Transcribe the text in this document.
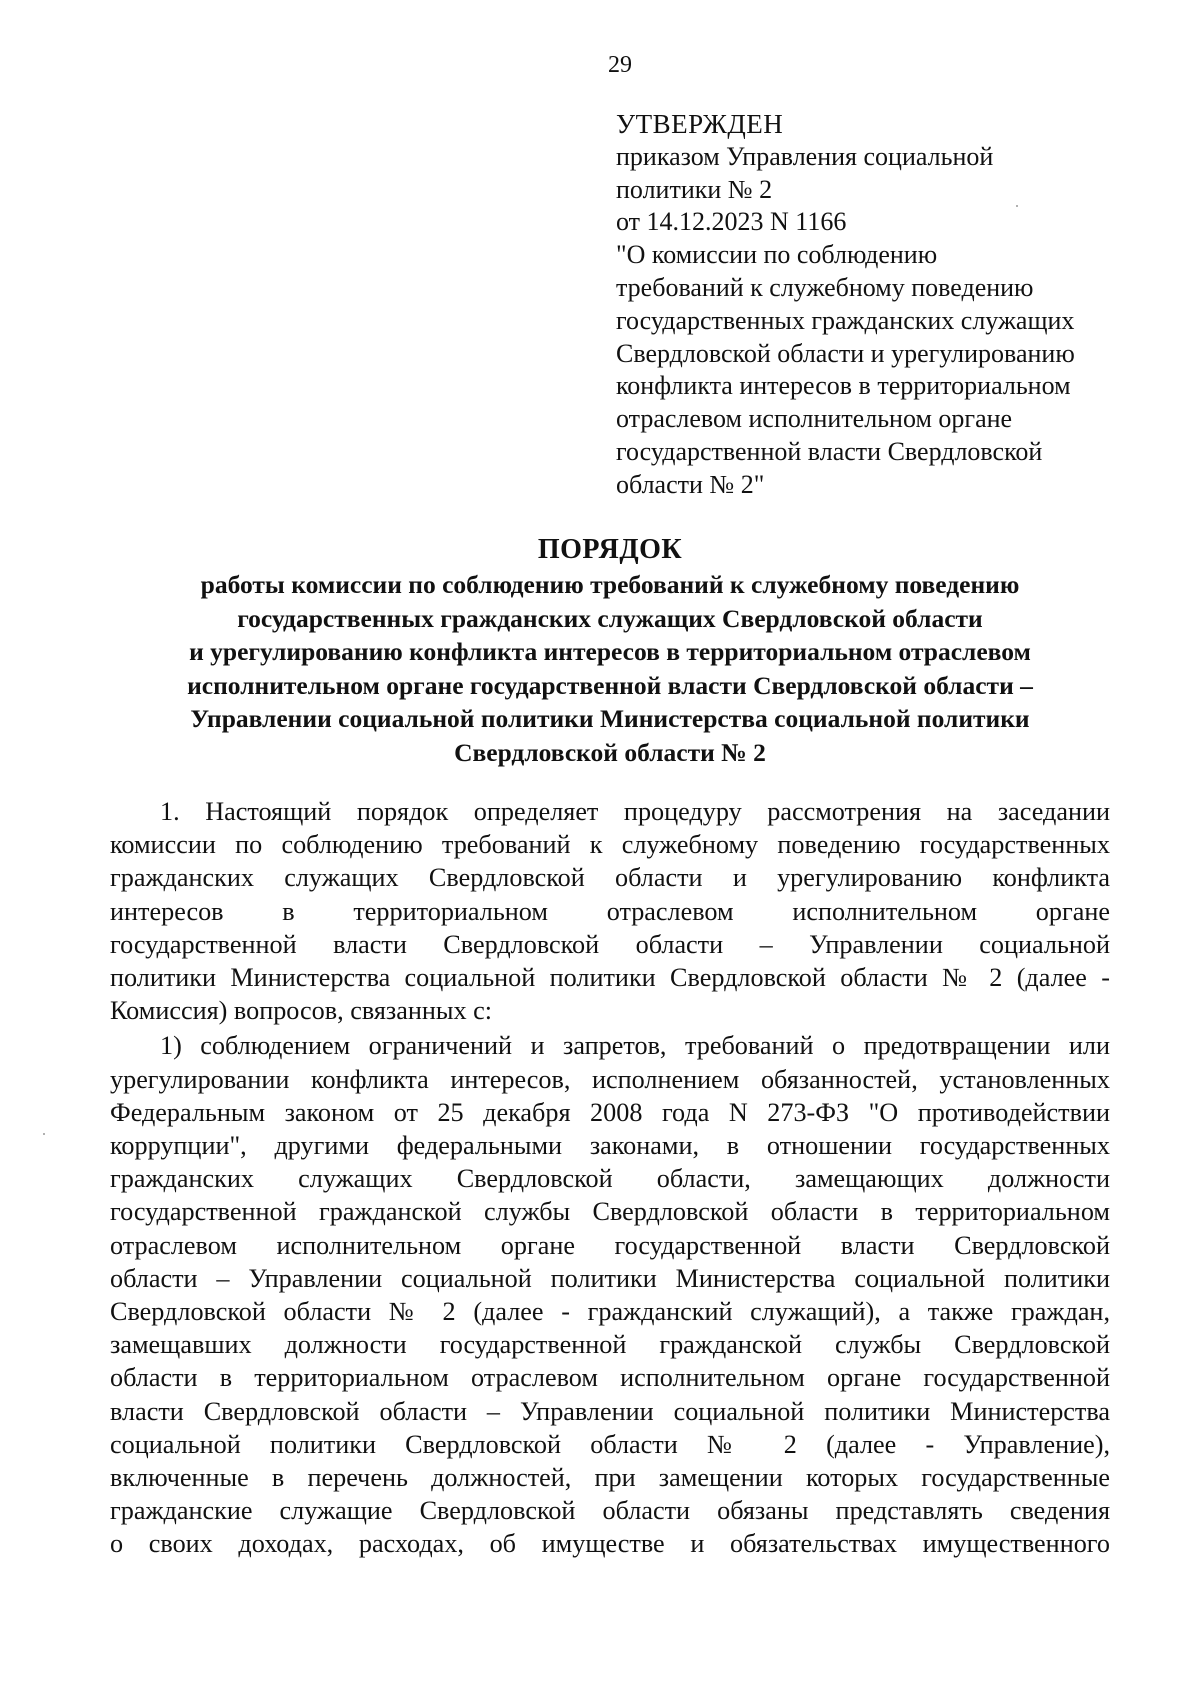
29
УТВЕРЖДЕН
приказом Управления социальной
политики № 2
от 14.12.2023 N 1166
"О комиссии по соблюдению
требований к служебному поведению
государственных гражданских служащих
Свердловской области и урегулированию
конфликта интересов в территориальном
отраслевом исполнительном органе
государственной власти Свердловской
области № 2"
ПОРЯДОК
работы комиссии по соблюдению требований к служебному поведению
государственных гражданских служащих Свердловской области
и урегулированию конфликта интересов в территориальном отраслевом
исполнительном органе государственной власти Свердловской области –
Управлении социальной политики Министерства социальной политики
Свердловской области № 2
1. Настоящий порядок определяет процедуру рассмотрения на заседании
комиссии по соблюдению требований к служебному поведению государственных
гражданских служащих Свердловской области и урегулированию конфликта
интересов в территориальном отраслевом исполнительном органе
государственной власти Свердловской области – Управлении социальной
политики Министерства социальной политики Свердловской области № 2 (далее -
Комиссия) вопросов, связанных с:
1) соблюдением ограничений и запретов, требований о предотвращении или
урегулировании конфликта интересов, исполнением обязанностей, установленных
Федеральным законом от 25 декабря 2008 года N 273-ФЗ "О противодействии
коррупции", другими федеральными законами, в отношении государственных
гражданских служащих Свердловской области, замещающих должности
государственной гражданской службы Свердловской области в территориальном
отраслевом исполнительном органе государственной власти Свердловской
области – Управлении социальной политики Министерства социальной политики
Свердловской области № 2 (далее - гражданский служащий), а также граждан,
замещавших должности государственной гражданской службы Свердловской
области в территориальном отраслевом исполнительном органе государственной
власти Свердловской области – Управлении социальной политики Министерства
социальной политики Свердловской области № 2 (далее - Управление),
включенные в перечень должностей, при замещении которых государственные
гражданские служащие Свердловской области обязаны представлять сведения
о своих доходах, расходах, об имуществе и обязательствах имущественного
